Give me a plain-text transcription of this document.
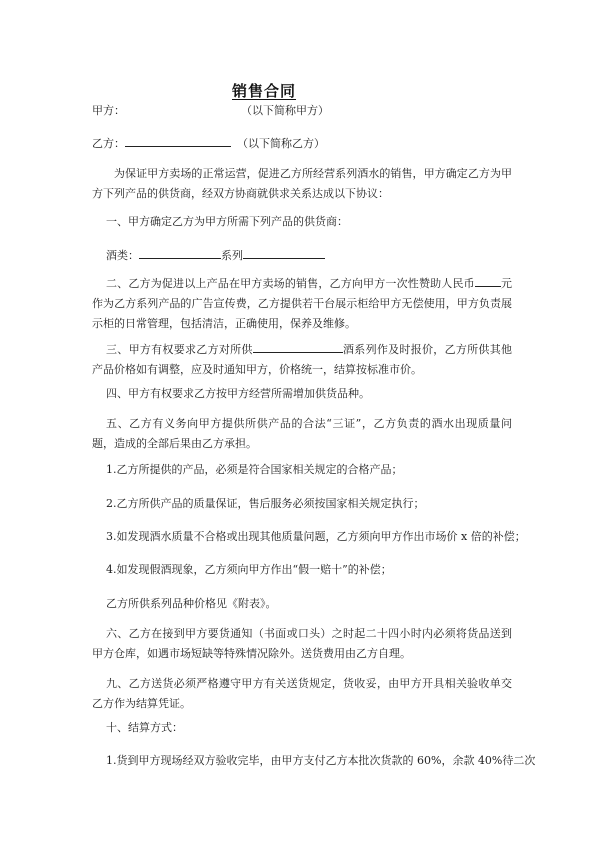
销售合同
甲方：	（以下简称甲方）
乙方：	（以下简称乙方）
为保证甲方卖场的正常运营，促进乙方所经营系列酒水的销售，甲方确定乙方为甲方下列产品的供货商，经双方协商就供求关系达成以下协议：
一、甲方确定乙方为甲方所需下列产品的供货商：
酒类：	系列
二、乙方为促进以上产品在甲方卖场的销售，乙方向甲方一次性赞助人民币 元作为乙方系列产品的广告宣传费，乙方提供若干台展示柜给甲方无偿使用，甲方负责展示柜的日常管理，包括清洁，正确使用，保养及维修。
三、甲方有权要求乙方对所供	酒系列作及时报价，乙方所供其他产品价格如有调整，应及时通知甲方，价格统一，结算按标准市价。
四、甲方有权要求乙方按甲方经营所需增加供货品种。
五、乙方有义务向甲方提供所供产品的合法“三证”，乙方负责的酒水出现质量问题，造成的全部后果由乙方承担。
1.乙方所提供的产品，必须是符合国家相关规定的合格产品；
2.乙方所供产品的质量保证，售后服务必须按国家相关规定执行；
3.如发现酒水质量不合格或出现其他质量问题，乙方须向甲方作出市场价 x 倍的补偿；
4.如发现假酒现象，乙方须向甲方作出“假一赔十”的补偿；
乙方所供系列品种价格见《附表》。
六、乙方在接到甲方要货通知（书面或口头）之时起二十四小时内必须将货品送到甲方仓库，如遇市场短缺等特殊情况除外。送货费用由乙方自理。
九、乙方送货必须严格遵守甲方有关送货规定，货收妥，由甲方开具相关验收单交乙方作为结算凭证。
十、结算方式：
1.货到甲方现场经双方验收完毕，由甲方支付乙方本批次货款的 60%，余款 40%待二次
